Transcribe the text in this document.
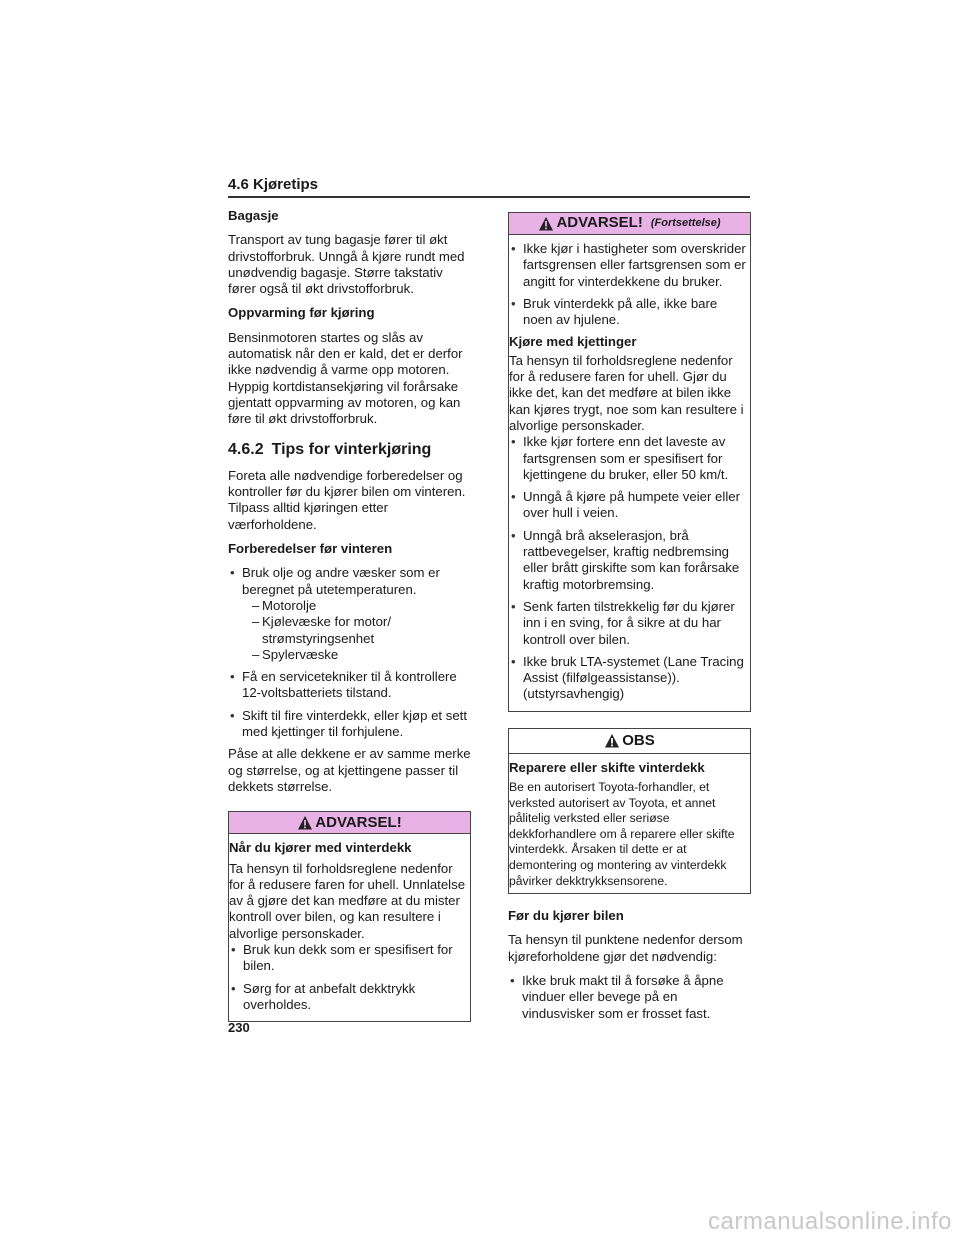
4.6 Kjøretips

Bagasje

Transport av tung bagasje fører til økt drivstofforbruk. Unngå å kjøre rundt med unødvendig bagasje. Større takstativ fører også til økt drivstofforbruk.

Oppvarming før kjøring

Bensinmotoren startes og slås av automatisk når den er kald, det er derfor ikke nødvendig å varme opp motoren. Hyppig kortdistansekjøring vil forårsake gjentatt oppvarming av motoren, og kan føre til økt drivstofforbruk.

4.6.2 Tips for vinterkjøring

Foreta alle nødvendige forberedelser og kontroller før du kjører bilen om vinteren. Tilpass alltid kjøringen etter værforholdene.

Forberedelser før vinteren

• Bruk olje og andre væsker som er beregnet på utetemperaturen.
– Motorolje
– Kjølevæske for motor/ strømstyringsenhet
– Spylervæske
• Få en servicetekniker til å kontrollere 12-voltsbatteriets tilstand.
• Skift til fire vinterdekk, eller kjøp et sett med kjettinger til forhjulene.

Påse at alle dekkene er av samme merke og størrelse, og at kjettingene passer til dekkets størrelse.

ADVARSEL!

Når du kjører med vinterdekk

Ta hensyn til forholdsreglene nedenfor for å redusere faren for uhell. Unnlatelse av å gjøre det kan medføre at du mister kontroll over bilen, og kan resultere i alvorlige personskader.

• Bruk kun dekk som er spesifisert for bilen.
• Sørg for at anbefalt dekktrykk overholdes.
ADVARSEL! (Fortsettelse)
• Ikke kjør i hastigheter som overskrider fartsgrensen eller fartsgrensen som er angitt for vinterdekkene du bruker.
• Bruk vinterdekk på alle, ikke bare noen av hjulene.

Kjøre med kjettinger

Ta hensyn til forholdsreglene nedenfor for å redusere faren for uhell. Gjør du ikke det, kan det medføre at bilen ikke kan kjøres trygt, noe som kan resultere i alvorlige personskader.

• Ikke kjør fortere enn det laveste av fartsgrensen som er spesifisert for kjettingene du bruker, eller 50 km/t.
• Unngå å kjøre på humpete veier eller over hull i veien.
• Unngå brå akselerasjon, brå rattbevegelser, kraftig nedbremsing eller brått girskifte som kan forårsake kraftig motorbremsing.
• Senk farten tilstrekkelig før du kjører inn i en sving, for å sikre at du har kontroll over bilen.
• Ikke bruk LTA-systemet (Lane Tracing Assist (filfølgeassistanse)). (utstyrsavhengig)
OBS

Reparere eller skifte vinterdekk

Be en autorisert Toyota-forhandler, et verksted autorisert av Toyota, et annet pålitelig verksted eller seriøse dekkforhandlere om å reparere eller skifte vinterdekk. Årsaken til dette er at demontering og montering av vinterdekk påvirker dekktrykksensorene.

Før du kjører bilen

Ta hensyn til punktene nedenfor dersom kjøreforholdene gjør det nødvendig:

• Ikke bruk makt til å forsøke å åpne vinduer eller bevege på en vindusvisker som er frosset fast.
230
carmanualsonline.info
